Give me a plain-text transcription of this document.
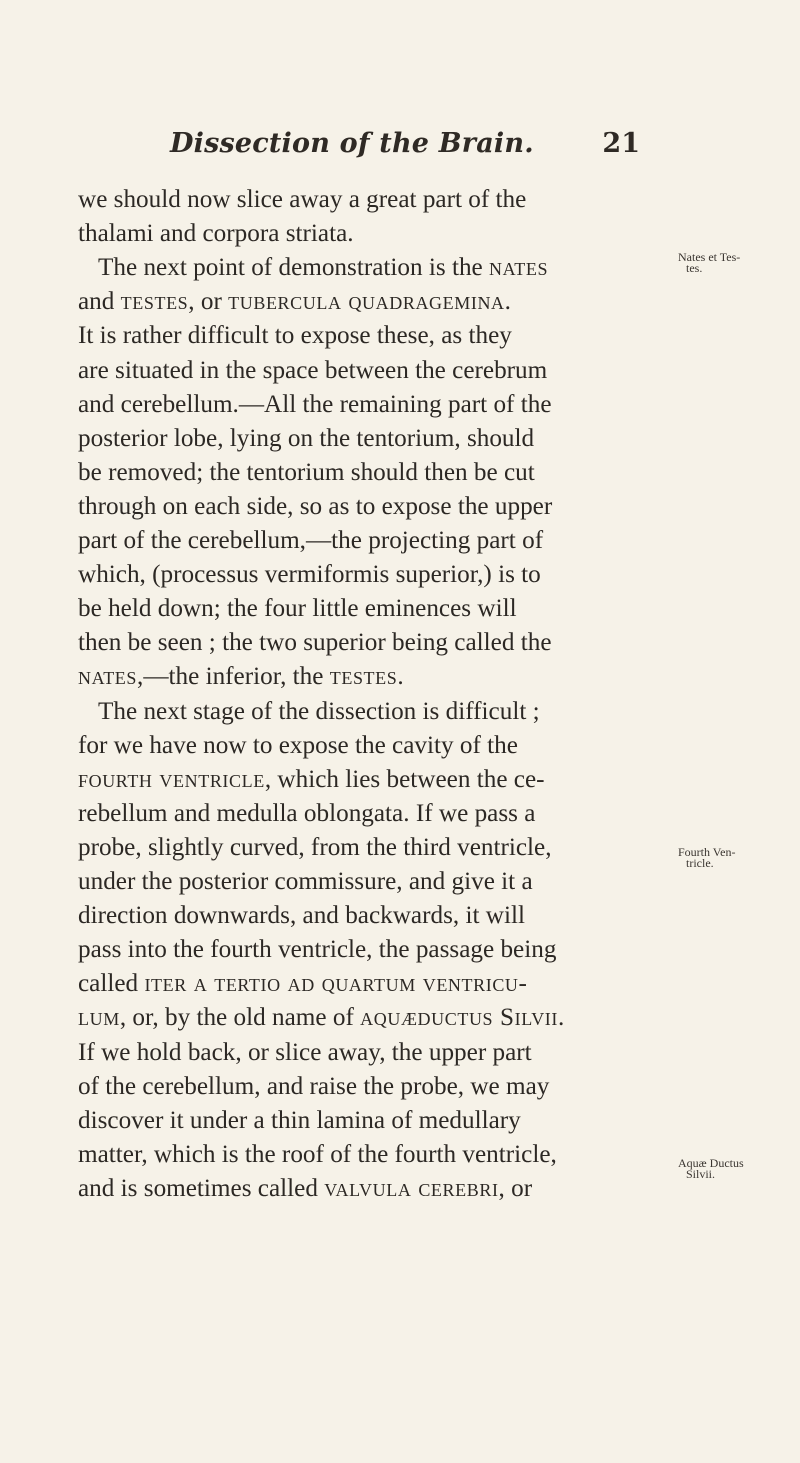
Dissection of the Brain.	21
we should now slice away a great part of the
thalami and corpora striata.
The next point of demonstration is the nates
and testes, or tubercula quadragemina.
It is rather difficult to expose these, as they
are situated in the space between the cerebrum
and cerebellum.—All the remaining part of the
posterior lobe, lying on the tentorium, should
be removed; the tentorium should then be cut
through on each side, so as to expose the upper
part of the cerebellum,—the projecting part of
which, (processus vermiformis superior,) is to
be held down; the four little eminences will
then be seen ; the two superior being called the
nates,—the inferior, the testes.
The next stage of the dissection is difficult ;
for we have now to expose the cavity of the
fourth ventricle, which lies between the ce-
rebellum and medulla oblongata. If we pass a
probe, slightly curved, from the third ventricle,
under the posterior commissure, and give it a
direction downwards, and backwards, it will
pass into the fourth ventricle, the passage being
called iter a tertio ad quartum ventricu-
lum, or, by the old name of aquæductus Silvii.
If we hold back, or slice away, the upper part
of the cerebellum, and raise the probe, we may
discover it under a thin lamina of medullary
matter, which is the roof of the fourth ventricle,
and is sometimes called valvula cerebri, or
Nates et Tes-
tes.
Fourth Ven-
tricle.
Aquæ Ductus
Silvii.
